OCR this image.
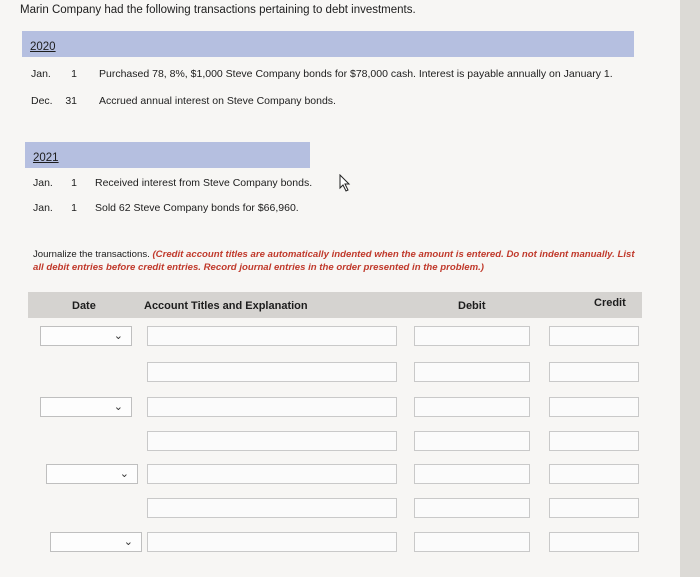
Marin Company had the following transactions pertaining to debt investments.
2020
Jan.	1 Purchased 78, 8%, $1,000 Steve Company bonds for $78,000 cash. Interest is payable annually on January 1.
Dec. 31 Accrued annual interest on Steve Company bonds.
2021
Jan.	1 Received interest from Steve Company bonds.
Jan.	1 Sold 62 Steve Company bonds for $66,960.
Journalize the transactions. (Credit account titles are automatically indented when the amount is entered. Do not indent manually. List all debit entries before credit entries. Record journal entries in the order presented in the problem.)
Date	Account Titles and Explanation	Debit	Credit
⌄
⌄
⌄
⌄
